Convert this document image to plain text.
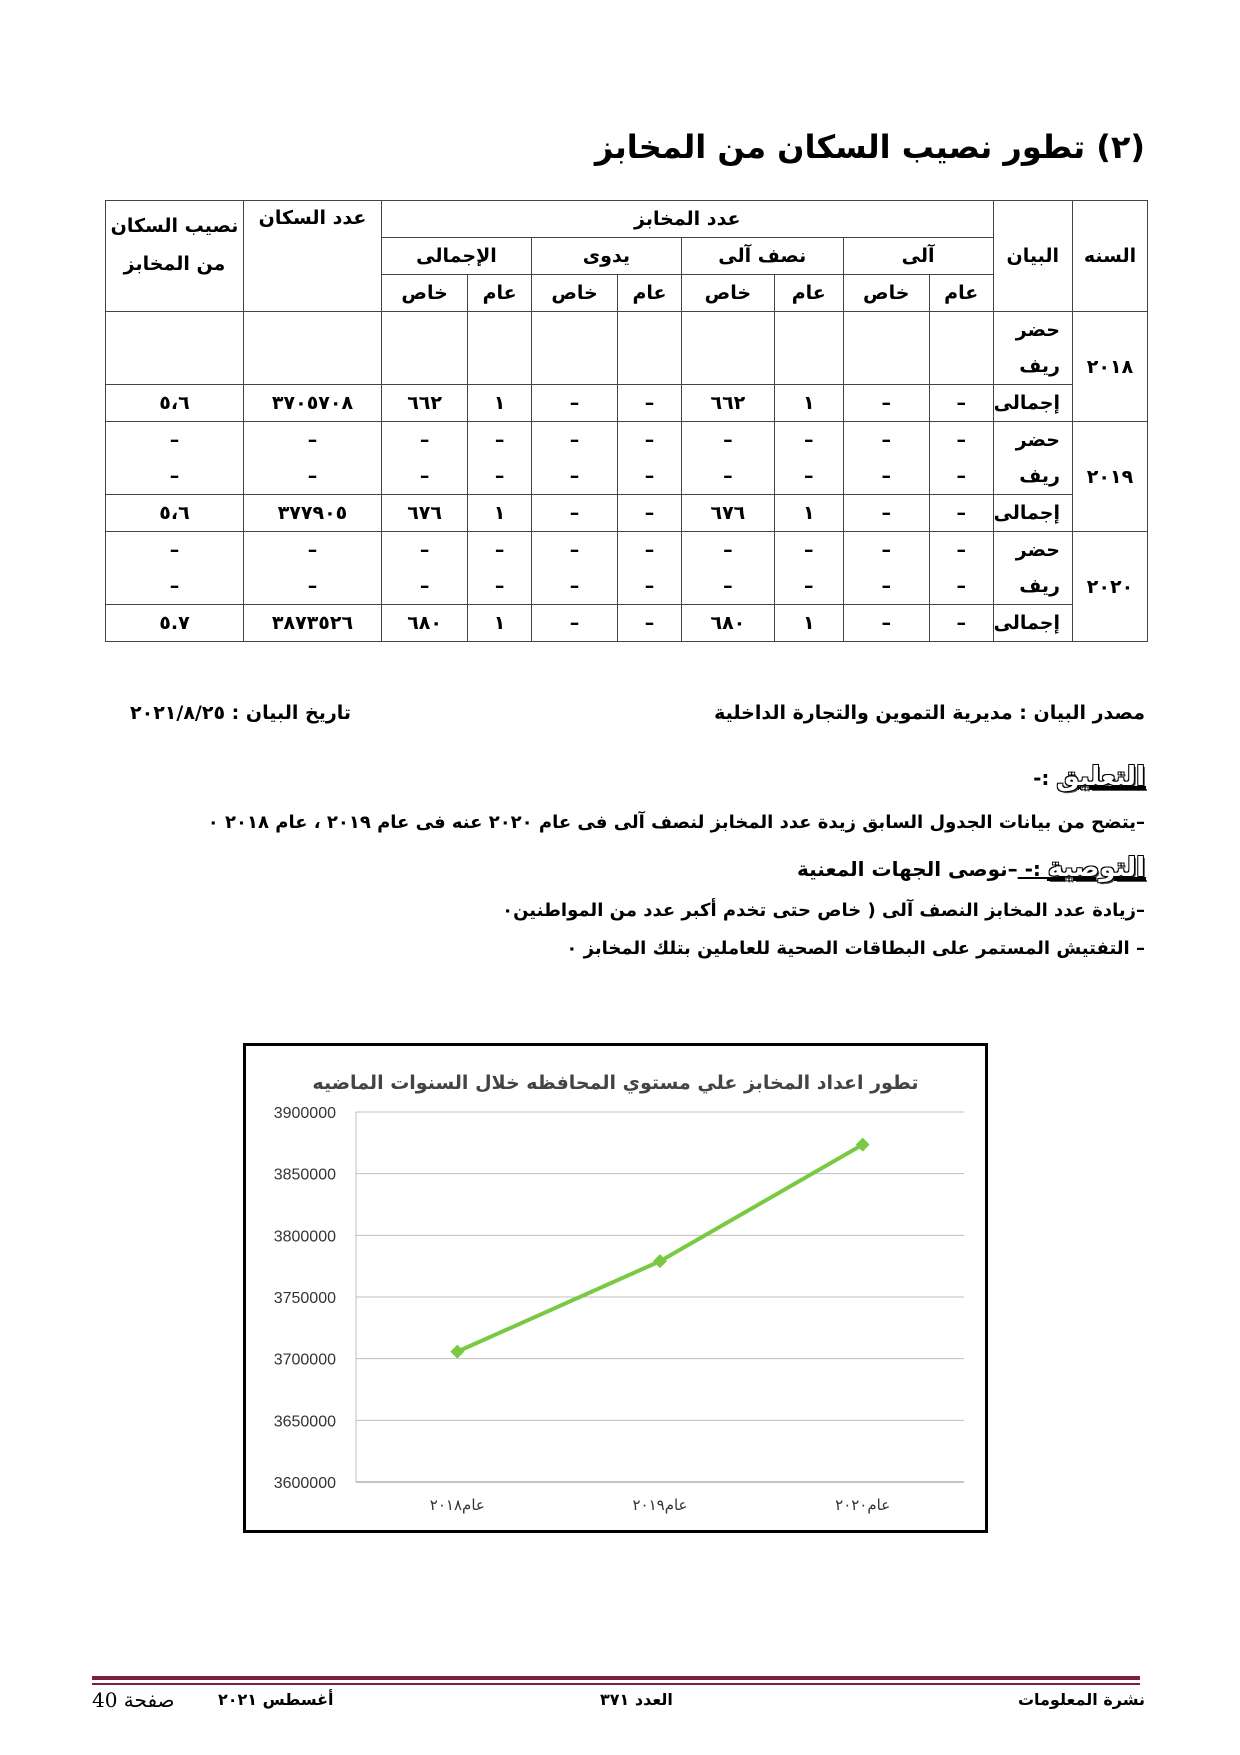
(٢) تطور نصيب السكان من المخابز
السنه	البيان	عدد المخابز								عدد السكان	نصيب السكان
من المخابز

		آلى		نصف آلى		يدوى		الإجمالى			
		عام	خاص	عام	خاص	عام	خاص	عام	خاص		
٢٠١٨	حضر										
	ريف										
	إجمالى	–	–	١	٦٦٢	–	–	١	٦٦٢	٣٧٠٥٧٠٨	٥،٦
٢٠١٩	حضر	–	–	–	–	–	–	–	–	–	–
	ريف	–	–	–	–	–	–	–	–	–	–
	إجمالى	–	–	١	٦٧٦	–	–	١	٦٧٦	٣٧٧٩٠٥	٥،٦
٢٠٢٠	حضر	–	–	–	–	–	–	–	–	–	–
	ريف	–	–	–	–	–	–	–	–	–	–
	إجمالى	–	–	١	٦٨٠	–	–	١	٦٨٠	٣٨٧٣٥٢٦	٥.٧
مصدر البيان : مديرية التموين والتجارة الداخلية
تاريخ البيان : ٢٠٢١/٨/٢٥
التعليق :-
–يتضح من بيانات الجدول السابق زيدة عدد المخابز لنصف آلى فى عام ٢٠٢٠ عنه فى عام ٢٠١٩ ، عام ٢٠١٨ ٠
التوصية :- –نوصى الجهات المعنية
–زيادة عدد المخابز النصف آلى ( خاص حتى تخدم أكبر عدد من المواطنين٠
– التفتيش المستمر على البطاقات الصحية للعاملين بتلك المخابز ٠
تطور اعداد المخابز علي مستوي المحافظه خلال السنوات الماضيه
3900000
3850000
3800000
3750000
3700000
3650000
3600000
عام٢٠١٨	عام٢٠١٩	عام٢٠٢٠
نشرة المعلومات
العدد ٣٧١
أغسطس ٢٠٢١
صفحة 40
